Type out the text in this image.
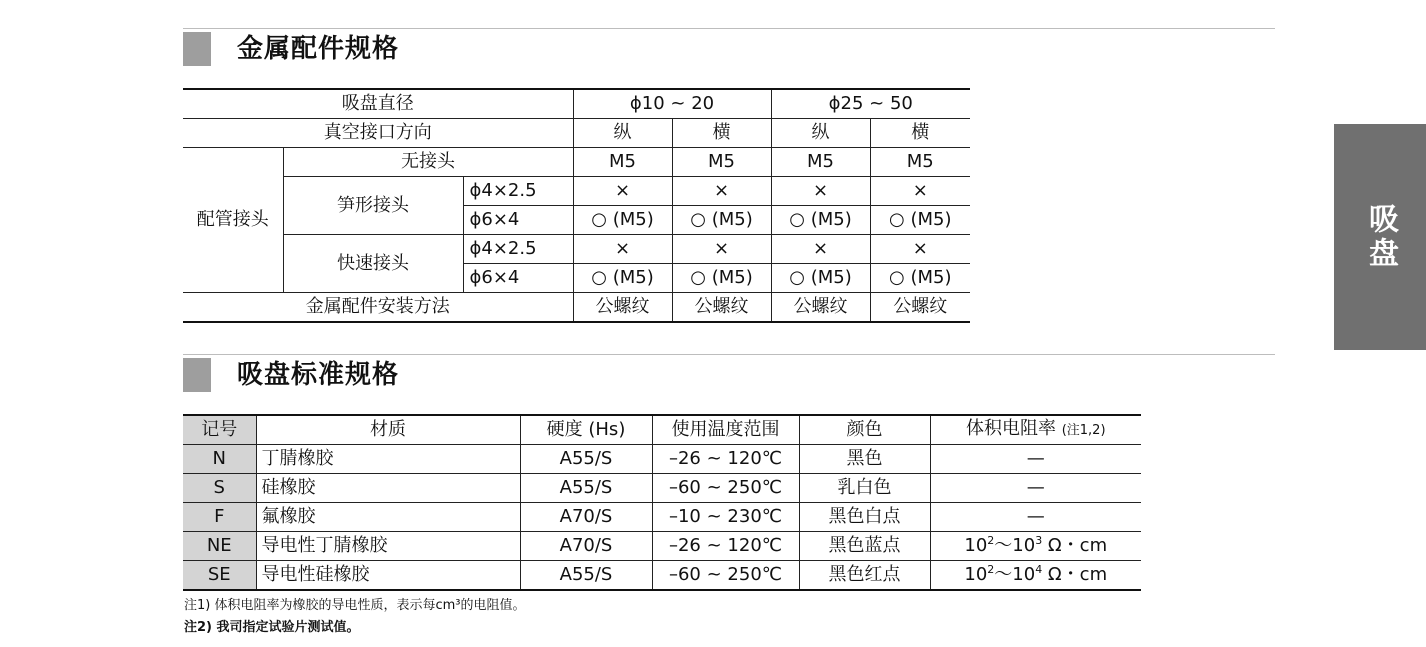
金属配件规格
吸盘直径			ϕ10 ~ 20		ϕ25 ~ 50	
真空接口方向			纵	横	纵	横
配管接头	无接头		M5	M5	M5	M5
	笋形接头	ϕ4×2.5	×	×	×	×
		ϕ6×4	○ (M5)	○ (M5)	○ (M5)	○ (M5)
	快速接头	ϕ4×2.5	×	×	×	×
		ϕ6×4	○ (M5)	○ (M5)	○ (M5)	○ (M5)
金属配件安装方法			公螺纹	公螺纹	公螺纹	公螺纹
吸盘标准规格
记号	材质	硬度 (Hs)	使用温度范围	颜色	体积电阻率 (注1,2)
N	丁腈橡胶	A55/S	–26 ~ 120℃	黑色	—
S	硅橡胶	A55/S	–60 ~ 250℃	乳白色	—
F	氟橡胶	A70/S	–10 ~ 230℃	黑色白点	—
NE	导电性丁腈橡胶	A70/S	–26 ~ 120℃	黑色蓝点	$10^2\sim 10^3$ Ω・cm
SE	导电性硅橡胶	A55/S	–60 ~ 250℃	黑色红点	$10^2\sim 10^4$ Ω・cm
注1) 体积电阻率为橡胶的导电性质，表示每cm³的电阻值。
注2) 我司指定试验片测试值。
吸盘
